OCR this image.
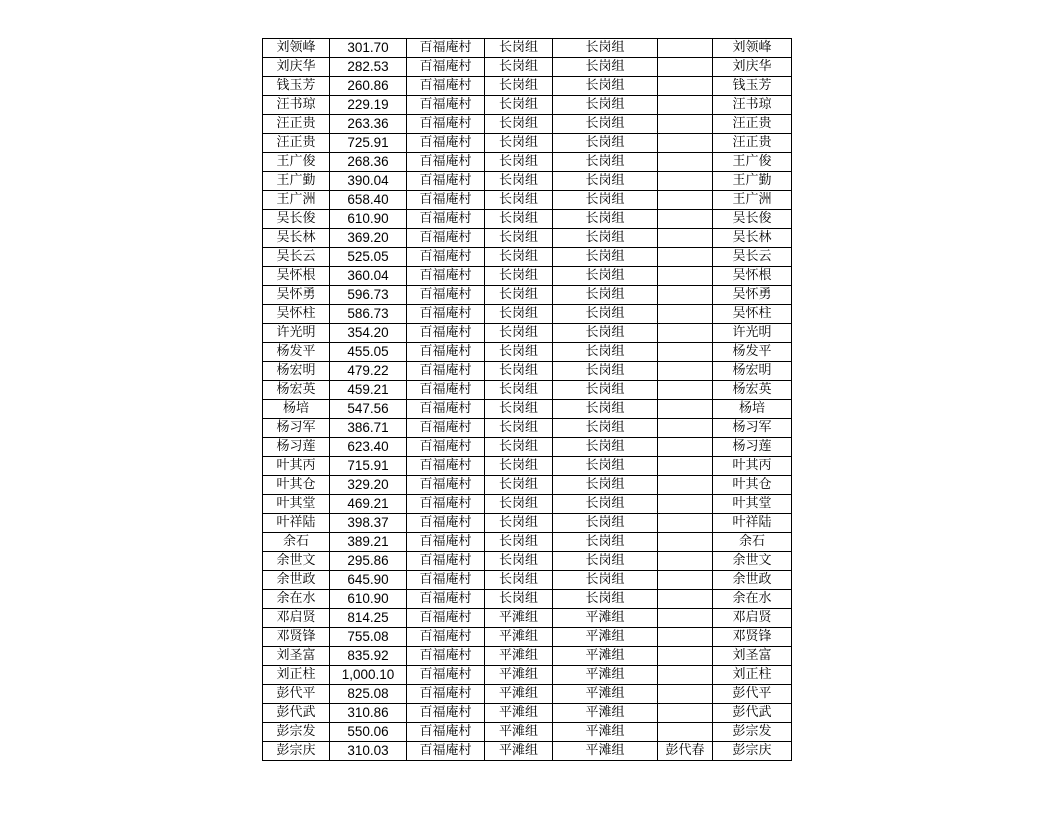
刘领峰	301.70	百福庵村	长岗组	长岗组		刘领峰
刘庆华	282.53	百福庵村	长岗组	长岗组		刘庆华
钱玉芳	260.86	百福庵村	长岗组	长岗组		钱玉芳
汪书琼	229.19	百福庵村	长岗组	长岗组		汪书琼
汪正贵	263.36	百福庵村	长岗组	长岗组		汪正贵
汪正贵	725.91	百福庵村	长岗组	长岗组		汪正贵
王广俊	268.36	百福庵村	长岗组	长岗组		王广俊
王广勤	390.04	百福庵村	长岗组	长岗组		王广勤
王广洲	658.40	百福庵村	长岗组	长岗组		王广洲
吴长俊	610.90	百福庵村	长岗组	长岗组		吴长俊
吴长林	369.20	百福庵村	长岗组	长岗组		吴长林
吴长云	525.05	百福庵村	长岗组	长岗组		吴长云
吴怀根	360.04	百福庵村	长岗组	长岗组		吴怀根
吴怀勇	596.73	百福庵村	长岗组	长岗组		吴怀勇
吴怀柱	586.73	百福庵村	长岗组	长岗组		吴怀柱
许光明	354.20	百福庵村	长岗组	长岗组		许光明
杨发平	455.05	百福庵村	长岗组	长岗组		杨发平
杨宏明	479.22	百福庵村	长岗组	长岗组		杨宏明
杨宏英	459.21	百福庵村	长岗组	长岗组		杨宏英
杨培	547.56	百福庵村	长岗组	长岗组		杨培
杨习军	386.71	百福庵村	长岗组	长岗组		杨习军
杨习莲	623.40	百福庵村	长岗组	长岗组		杨习莲
叶其丙	715.91	百福庵村	长岗组	长岗组		叶其丙
叶其仓	329.20	百福庵村	长岗组	长岗组		叶其仓
叶其堂	469.21	百福庵村	长岗组	长岗组		叶其堂
叶祥陆	398.37	百福庵村	长岗组	长岗组		叶祥陆
余石	389.21	百福庵村	长岗组	长岗组		余石
余世文	295.86	百福庵村	长岗组	长岗组		余世文
余世政	645.90	百福庵村	长岗组	长岗组		余世政
余在水	610.90	百福庵村	长岗组	长岗组		余在水
邓启贤	814.25	百福庵村	平滩组	平滩组		邓启贤
邓贤锋	755.08	百福庵村	平滩组	平滩组		邓贤锋
刘圣富	835.92	百福庵村	平滩组	平滩组		刘圣富
刘正柱	1,000.10	百福庵村	平滩组	平滩组		刘正柱
彭代平	825.08	百福庵村	平滩组	平滩组		彭代平
彭代武	310.86	百福庵村	平滩组	平滩组		彭代武
彭宗发	550.06	百福庵村	平滩组	平滩组		彭宗发
彭宗庆	310.03	百福庵村	平滩组	平滩组	彭代春	彭宗庆
